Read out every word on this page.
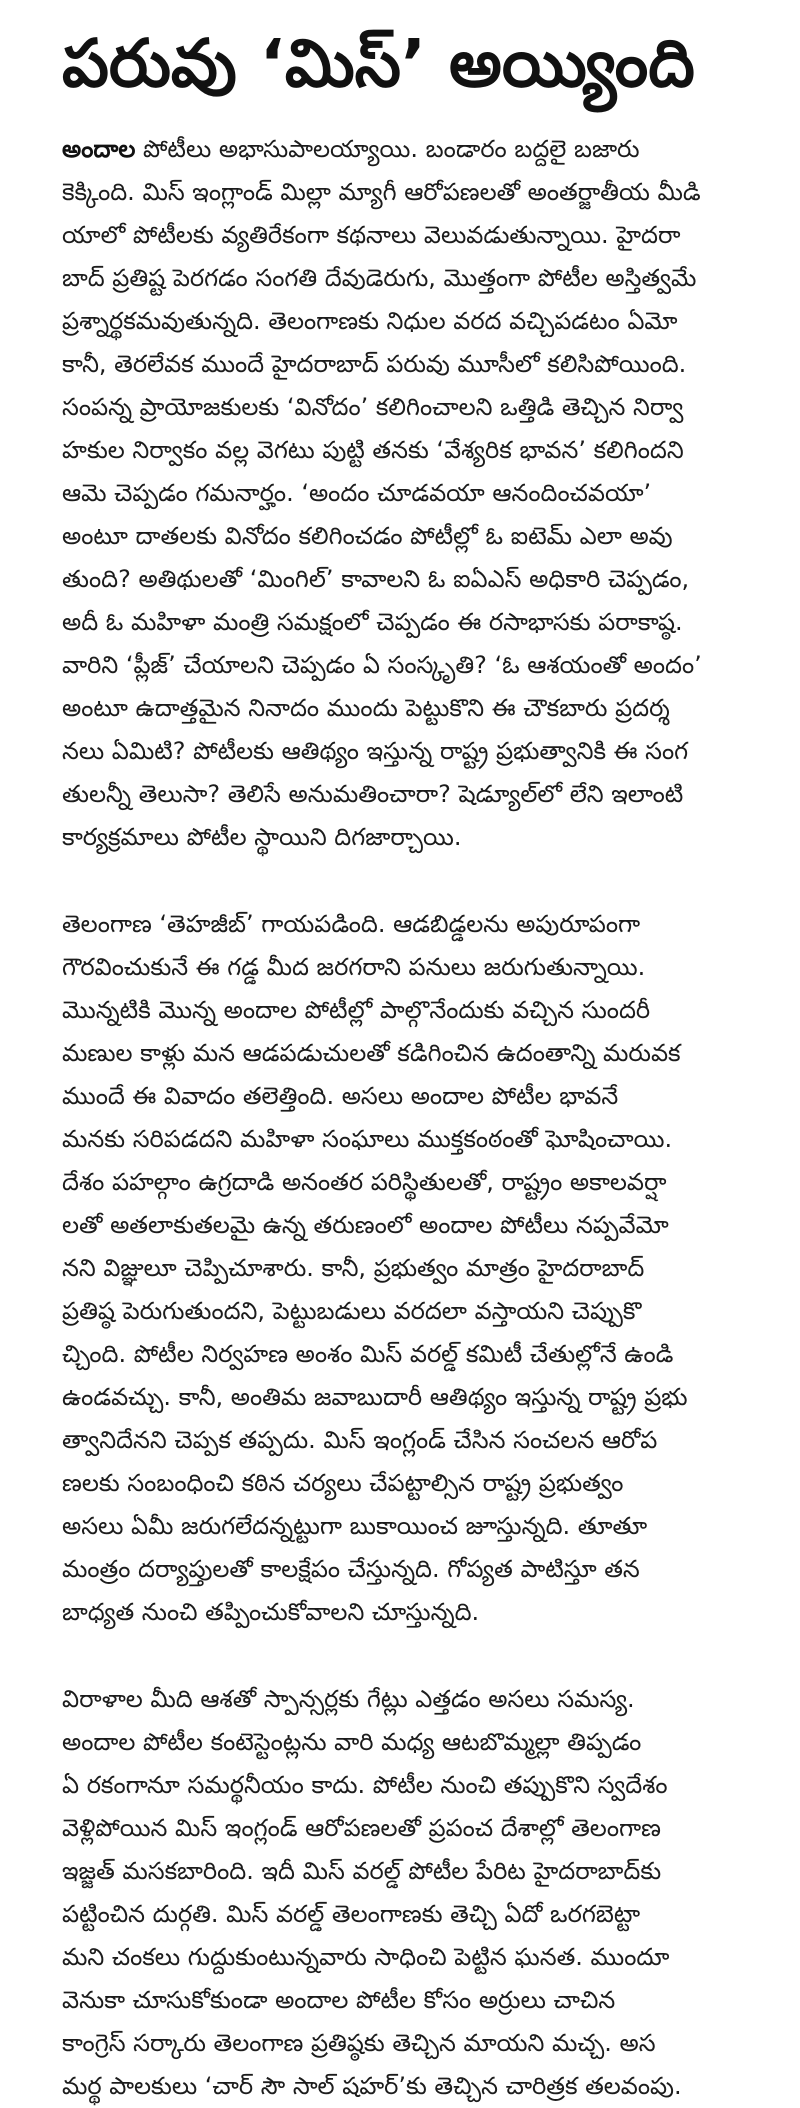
పరువు ‘మిస్’ అయ్యింది

అందాల పోటీలు అభాసుపాలయ్యాయి. బండారం బద్దలై బజారు
కెక్కింది. మిస్ ఇంగ్లాండ్ మిల్లా మ్యాగీ ఆరోపణలతో అంతర్జాతీయ మీడి
యాలో పోటీలకు వ్యతిరేకంగా కథనాలు వెలువడుతున్నాయి. హైదరా
బాద్ ప్రతిష్ట పెరగడం సంగతి దేవుడెరుగు, మొత్తంగా పోటీల అస్తిత్వమే
ప్రశ్నార్థకమవుతున్నది. తెలంగాణకు నిధుల వరద వచ్చిపడటం ఏమో
కానీ, తెరలేవక ముందే హైదరాబాద్ పరువు మూసీలో కలిసిపోయింది.
సంపన్న ప్రాయోజకులకు ‘వినోదం’ కలిగించాలని ఒత్తిడి తెచ్చిన నిర్వా
హకుల నిర్వాకం వల్ల వెగటు పుట్టి తనకు ‘వేశ్యరిక భావన’ కలిగిందని
ఆమె చెప్పడం గమనార్హం. ‘అందం చూడవయా ఆనందించవయా’
అంటూ దాతలకు వినోదం కలిగించడం పోటీల్లో ఓ ఐటెమ్ ఎలా అవు
తుంది? అతిథులతో ‘మింగిల్’ కావాలని ఓ ఐఏఎస్ అధికారి చెప్పడం,
అదీ ఓ మహిళా మంత్రి సమక్షంలో చెప్పడం ఈ రసాభాసకు పరాకాష్ఠ.
వారిని ‘ప్లీజ్’ చేయాలని చెప్పడం ఏ సంస్కృతి? ‘ఓ ఆశయంతో అందం’
అంటూ ఉదాత్తమైన నినాదం ముందు పెట్టుకొని ఈ చౌకబారు ప్రదర్శ
నలు ఏమిటి? పోటీలకు ఆతిథ్యం ఇస్తున్న రాష్ట్ర ప్రభుత్వానికి ఈ సంగ
తులన్నీ తెలుసా? తెలిసే అనుమతించారా? షెడ్యూల్‌లో లేని ఇలాంటి
కార్యక్రమాలు పోటీల స్థాయిని దిగజార్చాయి.

తెలంగాణ ‘తెహజీబ్’ గాయపడింది. ఆడబిడ్డలను అపురూపంగా
గౌరవించుకునే ఈ గడ్డ మీద జరగరాని పనులు జరుగుతున్నాయి.
మొన్నటికి మొన్న అందాల పోటీల్లో పాల్గొనేందుకు వచ్చిన సుందరీ
మణుల కాళ్లు మన ఆడపడుచులతో కడిగించిన ఉదంతాన్ని మరువక
ముందే ఈ వివాదం తలెత్తింది. అసలు అందాల పోటీల భావనే
మనకు సరిపడదని మహిళా సంఘాలు ముక్తకంఠంతో ఘోషించాయి.
దేశం పహల్గాం ఉగ్రదాడి అనంతర పరిస్థితులతో, రాష్ట్రం అకాలవర్షా
లతో అతలాకుతలమై ఉన్న తరుణంలో అందాల పోటీలు నప్పవేమో
నని విజ్ఞులూ చెప్పిచూశారు. కానీ, ప్రభుత్వం మాత్రం హైదరాబాద్
ప్రతిష్ఠ పెరుగుతుందని, పెట్టుబడులు వరదలా వస్తాయని చెప్పుకొ
చ్చింది. పోటీల నిర్వహణ అంశం మిస్ వరల్డ్ కమిటీ చేతుల్లోనే ఉండి
ఉండవచ్చు. కానీ, అంతిమ జవాబుదారీ ఆతిథ్యం ఇస్తున్న రాష్ట్ర ప్రభు
త్వానిదేనని చెప్పక తప్పదు. మిస్ ఇంగ్లండ్ చేసిన సంచలన ఆరోప
ణలకు సంబంధించి కఠిన చర్యలు చేపట్టాల్సిన రాష్ట్ర ప్రభుత్వం
అసలు ఏమీ జరుగలేదన్నట్టుగా బుకాయించ జూస్తున్నది. తూతూ
మంత్రం దర్యాప్తులతో కాలక్షేపం చేస్తున్నది. గోప్యత పాటిస్తూ తన
బాధ్యత నుంచి తప్పించుకోవాలని చూస్తున్నది.

విరాళాల మీది ఆశతో స్పాన్సర్లకు గేట్లు ఎత్తడం అసలు సమస్య.
అందాల పోటీల కంటెస్టెంట్లను వారి మధ్య ఆటబొమ్మల్లా తిప్పడం
ఏ రకంగానూ సమర్థనీయం కాదు. పోటీల నుంచి తప్పుకొని స్వదేశం
వెళ్లిపోయిన మిస్ ఇంగ్లండ్ ఆరోపణలతో ప్రపంచ దేశాల్లో తెలంగాణ
ఇజ్జత్ మసకబారింది. ఇదీ మిస్ వరల్డ్ పోటీల పేరిట హైదరాబాద్‌కు
పట్టించిన దుర్గతి. మిస్ వరల్డ్ తెలంగాణకు తెచ్చి ఏదో ఒరగబెట్టా
మని చంకలు గుద్దుకుంటున్నవారు సాధించి పెట్టిన ఘనత. ముందూ
వెనుకా చూసుకోకుండా అందాల పోటీల కోసం అర్రులు చాచిన
కాంగ్రెస్ సర్కారు తెలంగాణ ప్రతిష్ఠకు తెచ్చిన మాయని మచ్చ. అస
మర్థ పాలకులు ‘చార్ సౌ సాల్ షహర్’కు తెచ్చిన చారిత్రక తలవంపు.
